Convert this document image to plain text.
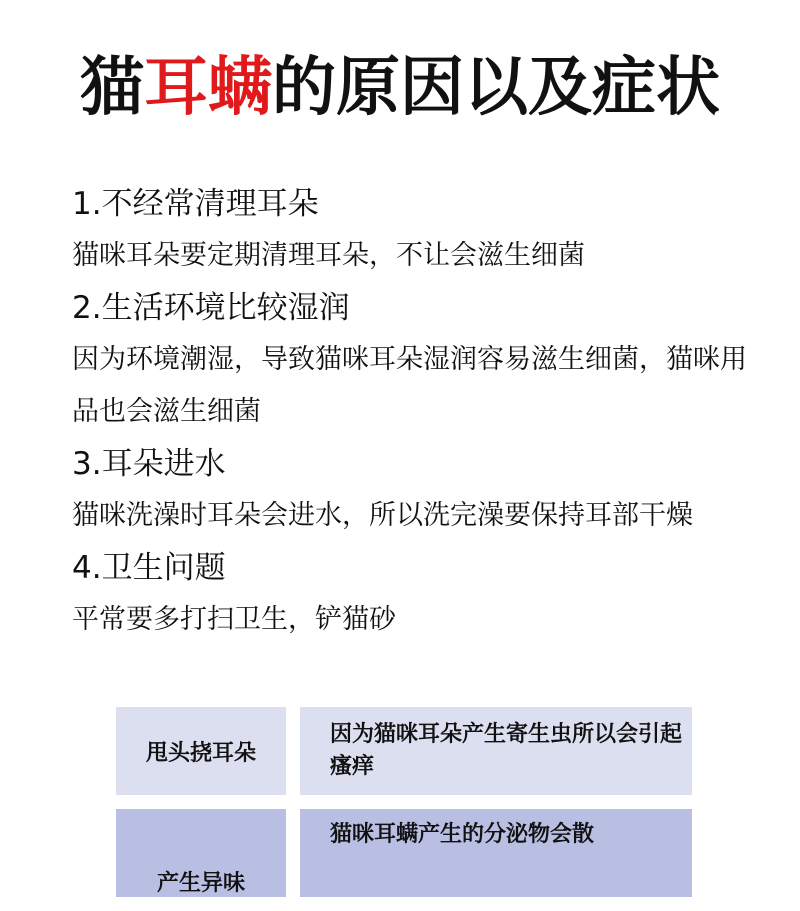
猫耳螨的原因以及症状
1.不经常清理耳朵
猫咪耳朵要定期清理耳朵，不让会滋生细菌
2.生活环境比较湿润
因为环境潮湿，导致猫咪耳朵湿润容易滋生细菌，猫咪用品也会滋生细菌
3.耳朵进水
猫咪洗澡时耳朵会进水，所以洗完澡要保持耳部干燥
4.卫生问题
平常要多打扫卫生，铲猫砂
甩头挠耳朵
因为猫咪耳朵产生寄生虫所以会引起瘙痒
产生异味
猫咪耳螨产生的分泌物会散
